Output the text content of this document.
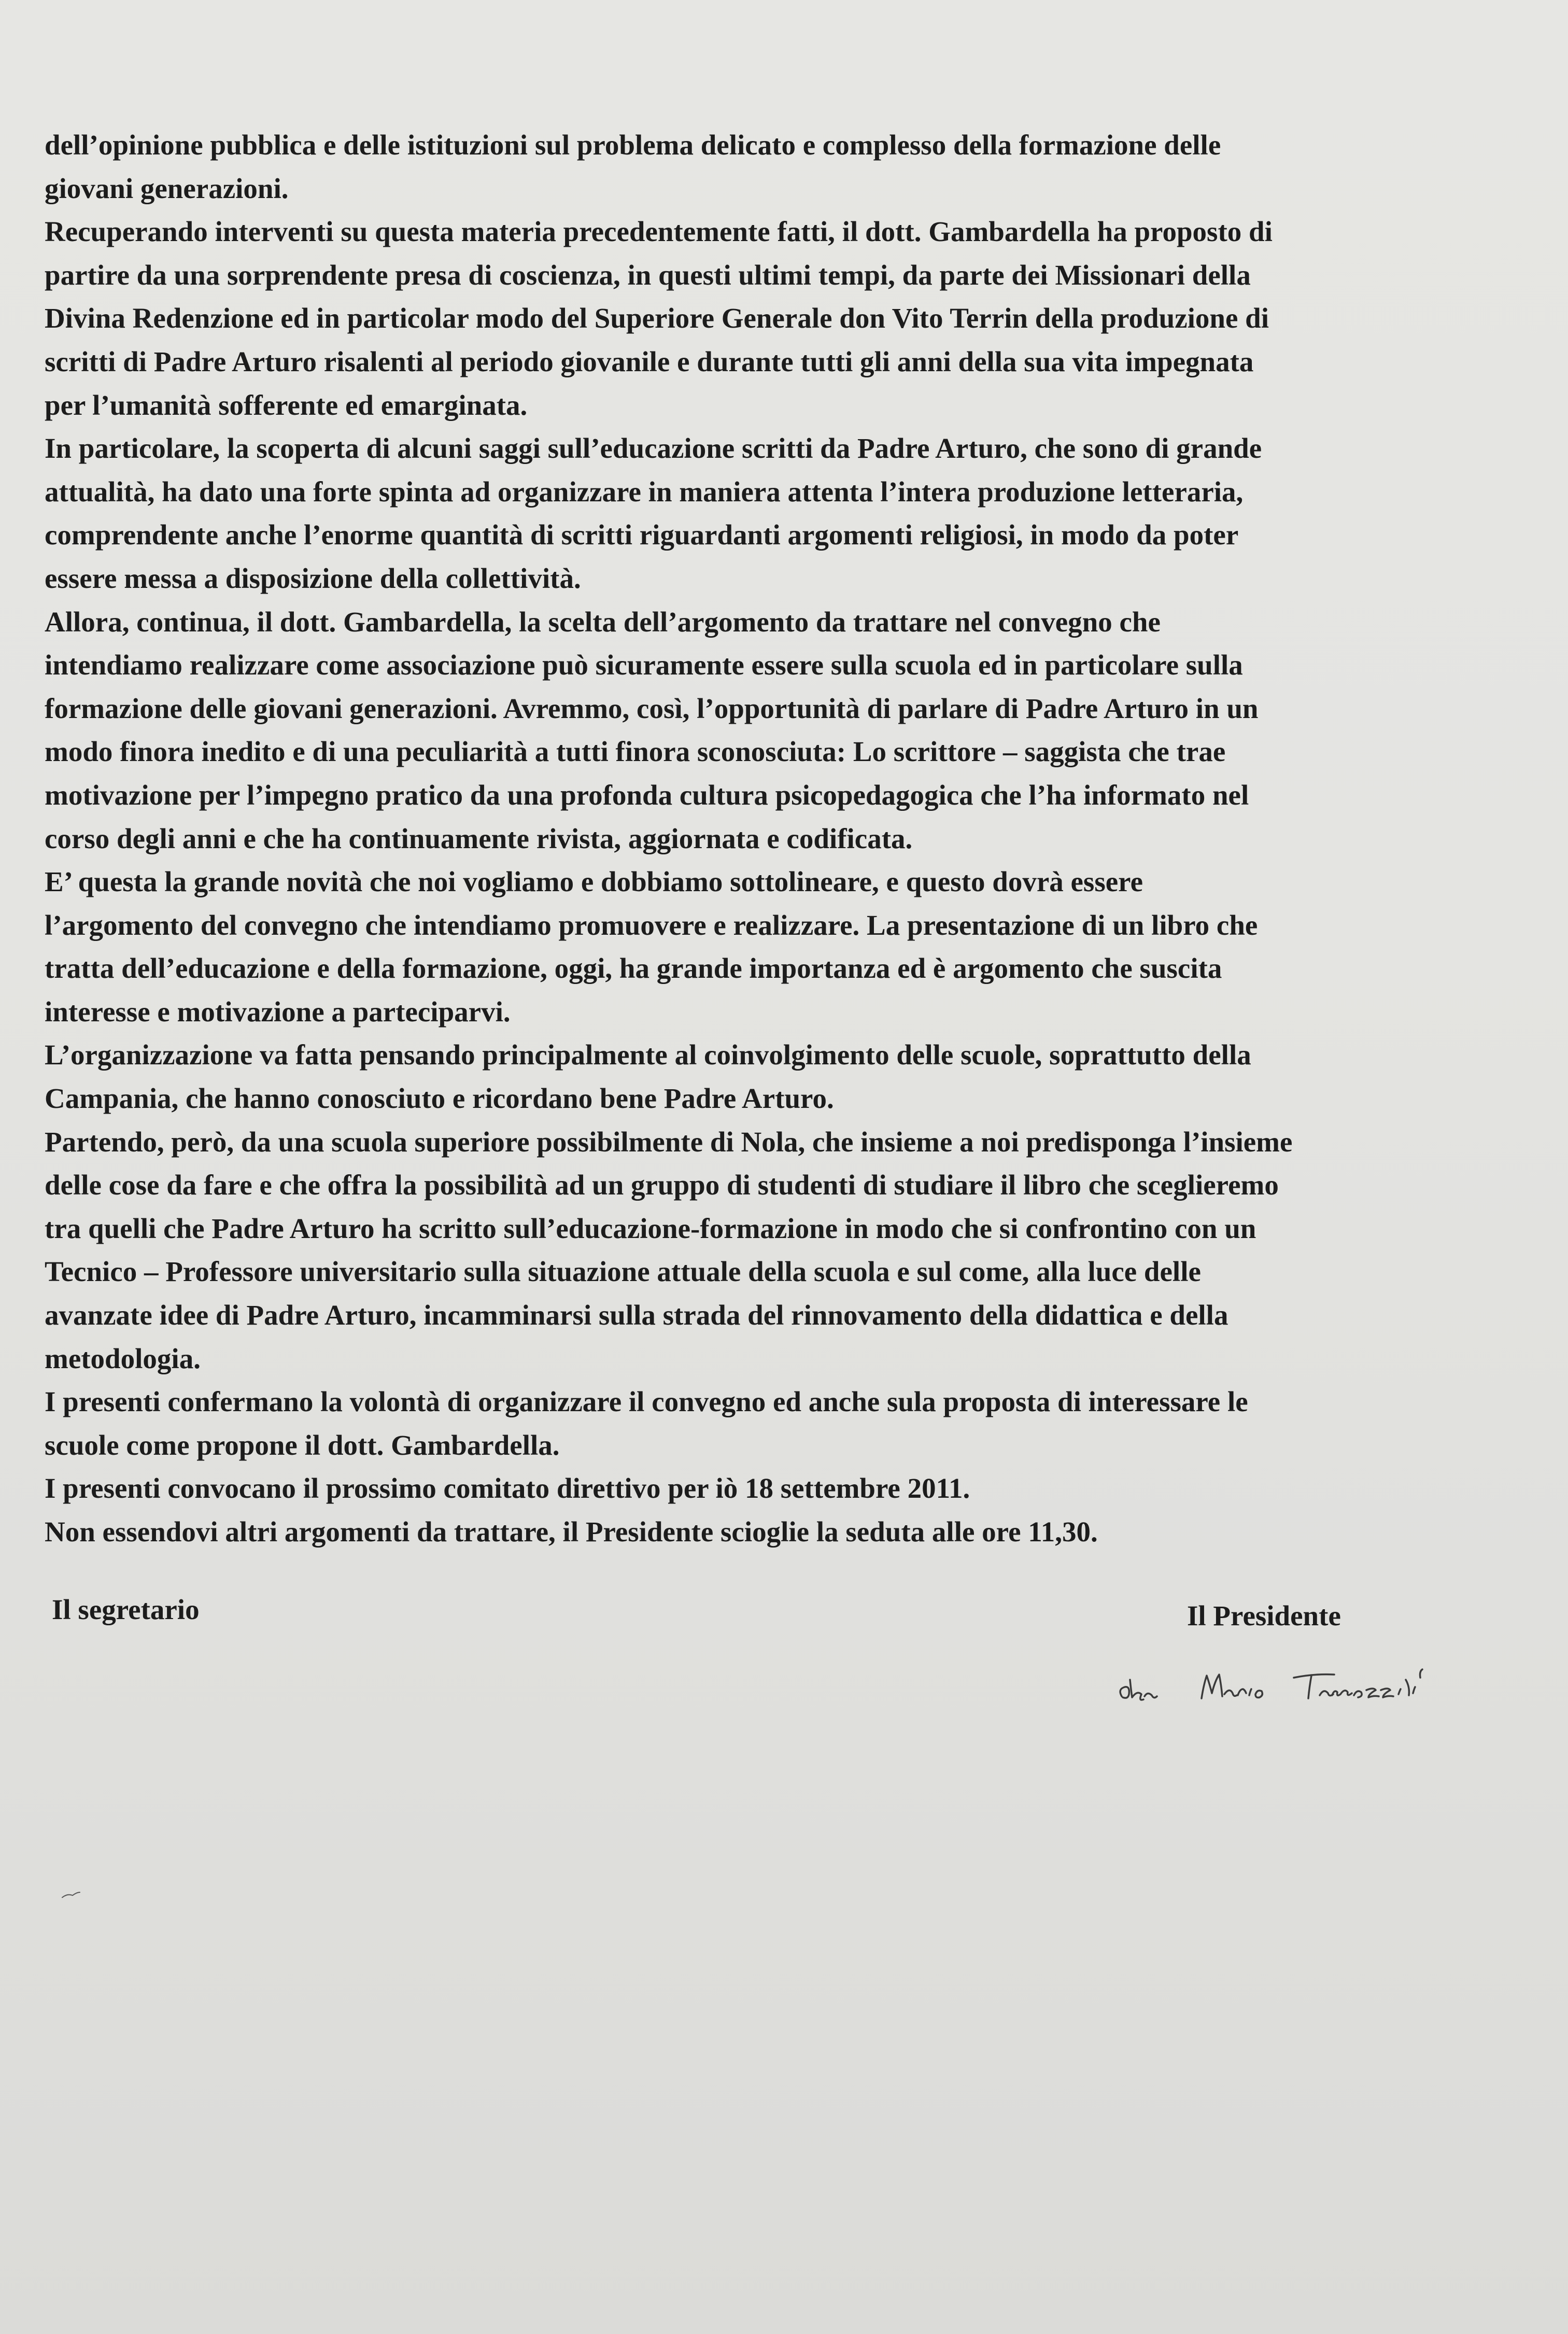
dell’opinione pubblica e delle istituzioni sul problema delicato e complesso della formazione delle
giovani generazioni.
Recuperando interventi su questa materia precedentemente fatti, il dott. Gambardella ha proposto di
partire da una sorprendente presa di coscienza, in questi ultimi tempi, da parte dei Missionari della
Divina Redenzione ed in particolar modo del Superiore Generale don Vito Terrin della produzione di
scritti di Padre Arturo risalenti al periodo giovanile e durante tutti gli anni della sua vita impegnata
per l’umanità sofferente ed emarginata.
In particolare, la scoperta di alcuni saggi sull’educazione scritti da Padre Arturo, che sono di grande
attualità, ha dato una forte spinta ad organizzare in maniera attenta l’intera produzione letteraria,
comprendente anche l’enorme quantità di scritti riguardanti argomenti religiosi, in modo da poter
essere messa a disposizione della collettività.
Allora, continua, il dott. Gambardella, la scelta dell’argomento da trattare nel convegno che
intendiamo realizzare come associazione può sicuramente essere sulla scuola ed in particolare sulla
formazione delle giovani generazioni. Avremmo, così, l’opportunità di parlare di Padre Arturo in un
modo finora inedito e di una peculiarità a tutti finora sconosciuta: Lo scrittore – saggista che trae
motivazione per l’impegno pratico da una profonda cultura psicopedagogica che l’ha informato nel
corso degli anni e che ha continuamente rivista, aggiornata e codificata.
E’ questa la grande novità che noi vogliamo e dobbiamo sottolineare, e questo dovrà essere
l’argomento del convegno che intendiamo promuovere e realizzare. La presentazione di un libro che
tratta dell’educazione e della formazione, oggi, ha grande importanza ed è argomento che suscita
interesse e motivazione a parteciparvi.
L’organizzazione va fatta pensando principalmente al coinvolgimento delle scuole, soprattutto della
Campania, che hanno conosciuto e ricordano bene Padre Arturo.
Partendo, però, da una scuola superiore possibilmente di Nola, che insieme a noi predisponga l’insieme
delle cose da fare e che offra la possibilità ad un gruppo di studenti di studiare il libro che sceglieremo
tra quelli che Padre Arturo ha scritto sull’educazione-formazione in modo che si confrontino con un
Tecnico – Professore universitario sulla situazione attuale della scuola e sul come, alla luce delle
avanzate idee di Padre Arturo, incamminarsi sulla strada del rinnovamento della didattica e della
metodologia.
I presenti confermano la volontà di organizzare il convegno ed anche sula proposta di interessare le
scuole come propone il dott. Gambardella.
I presenti convocano il prossimo comitato direttivo per iò 18 settembre 2011.
Non essendovi altri argomenti da trattare, il Presidente scioglie la seduta alle ore 11,30.
Il segretario	Il Presidente
